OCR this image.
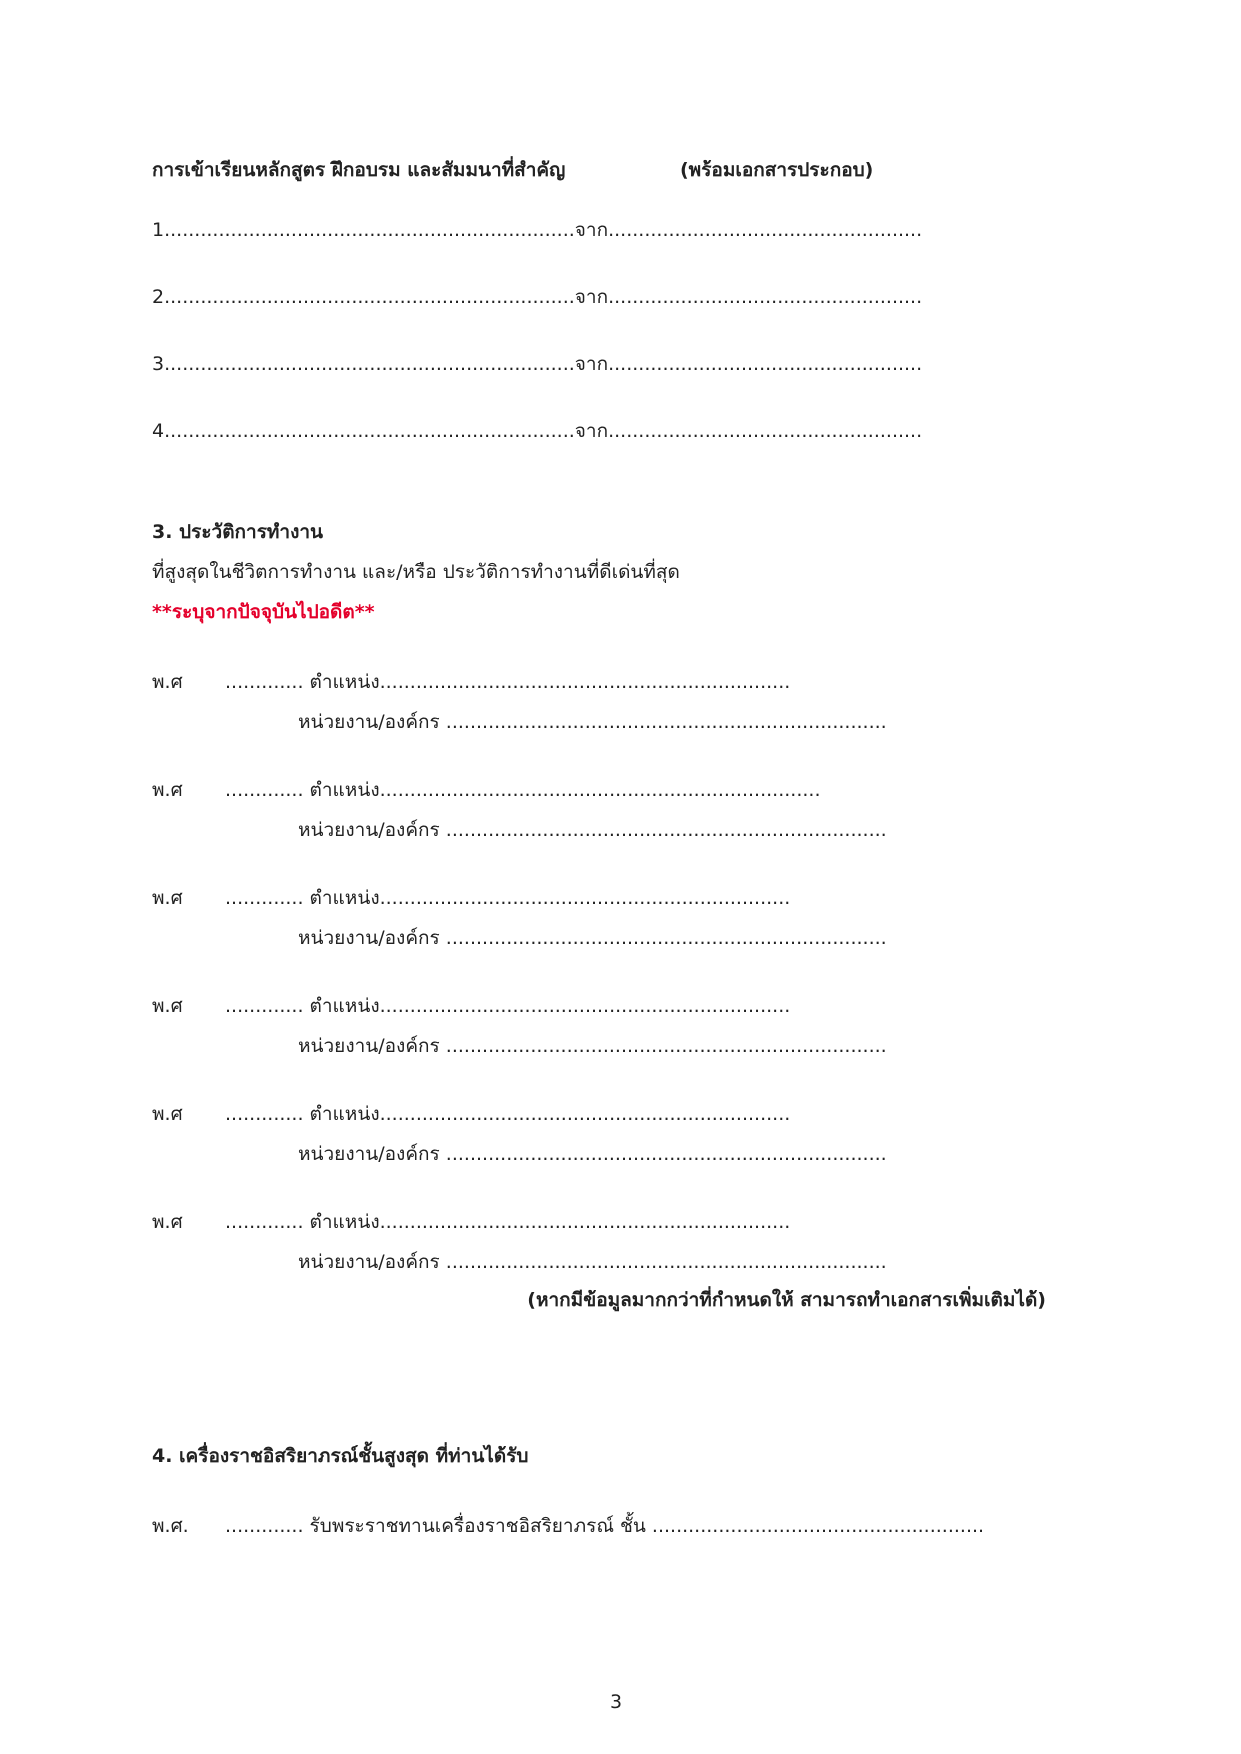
การเข้าเรียนหลักสูตร ฝึกอบรม และสัมมนาที่สำคัญ	(พร้อมเอกสารประกอบ)
1....................................................................จาก....................................................
2....................................................................จาก....................................................
3....................................................................จาก....................................................
4....................................................................จาก....................................................
3. ประวัติการทำงาน
ที่สูงสุดในชีวิตการทำงาน และ/หรือ ประวัติการทำงานที่ดีเด่นที่สุด
**ระบุจากปัจจุบันไปอดีต**
พ.ศ ............. ตำแหน่ง....................................................................
หน่วยงาน/องค์กร .........................................................................
พ.ศ ............. ตำแหน่ง.........................................................................
หน่วยงาน/องค์กร .........................................................................
พ.ศ ............. ตำแหน่ง....................................................................
หน่วยงาน/องค์กร .........................................................................
พ.ศ ............. ตำแหน่ง....................................................................
หน่วยงาน/องค์กร .........................................................................
พ.ศ ............. ตำแหน่ง....................................................................
หน่วยงาน/องค์กร .........................................................................
พ.ศ ............. ตำแหน่ง....................................................................
หน่วยงาน/องค์กร .........................................................................
(หากมีข้อมูลมากกว่าที่กำหนดให้ สามารถทำเอกสารเพิ่มเติมได้)
4. เครื่องราชอิสริยาภรณ์ชั้นสูงสุด ที่ท่านได้รับ
พ.ศ. ............. รับพระราชทานเครื่องราชอิสริยาภรณ์ ชั้น .......................................................
3
